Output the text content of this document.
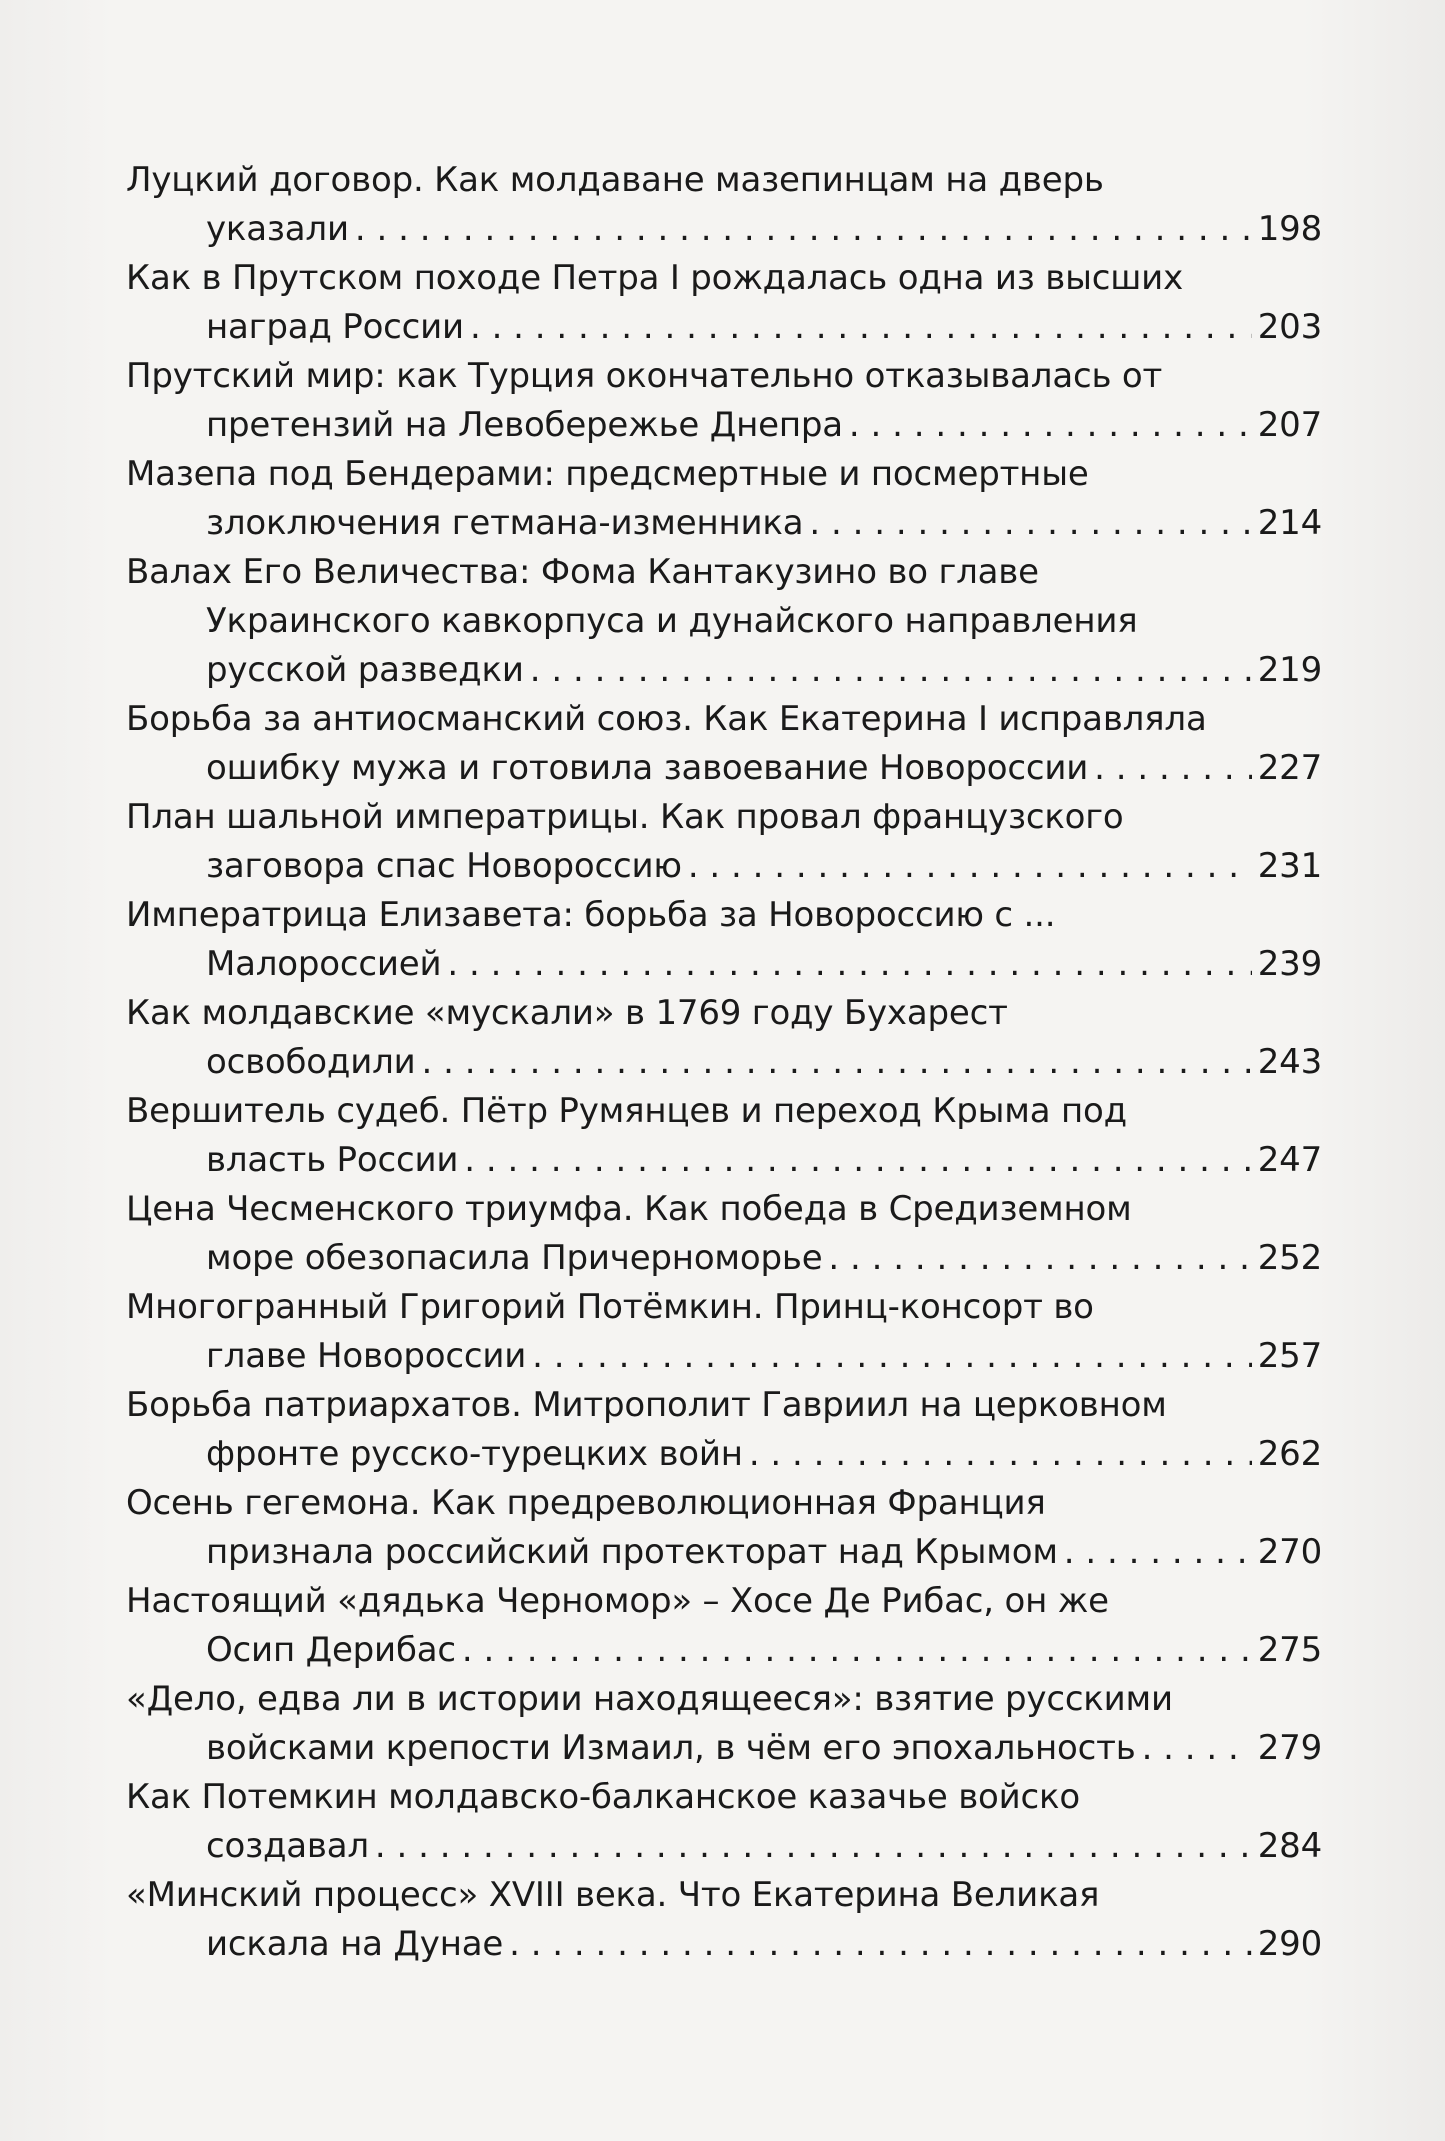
Луцкий договор. Как молдаване мазепинцам на дверь
указали . . .	198
Как в Прутском походе Петра I рождалась одна из высших
наград России . . .	203
Прутский мир: как Турция окончательно отказывалась от
претензий на Левобережье Днепра . . .	207
Мазепа под Бендерами: предсмертные и посмертные
злоключения гетмана-изменника . . .	214
Валах Его Величества: Фома Кантакузино во главе
Украинского кавкорпуса и дунайского направления
русской разведки . . .	219
Борьба за антиосманский союз. Как Екатерина I исправляла
ошибку мужа и готовила завоевание Новороссии . . .	227
План шальной императрицы. Как провал французского
заговора спас Новороссию . . .	231
Императрица Елизавета: борьба за Новороссию с ...
Малороссией . . .	239
Как молдавские «мускали» в 1769 году Бухарест
освободили . . .	243
Вершитель судеб. Пётр Румянцев и переход Крыма под
власть России . . .	247
Цена Чесменского триумфа. Как победа в Средиземном
море обезопасила Причерноморье . . .	252
Многогранный Григорий Потёмкин. Принц-консорт во
главе Новороссии . . .	257
Борьба патриархатов. Митрополит Гавриил на церковном
фронте русско-турецких войн . . .	262
Осень гегемона. Как предреволюционная Франция
признала российский протекторат над Крымом . . .	270
Настоящий «дядька Черномор» – Хосе Де Рибас, он же
Осип Дерибас . . .	275
«Дело, едва ли в истории находящееся»: взятие русскими
войсками крепости Измаил, в чём его эпохальность . . .	279
Как Потемкин молдавско-балканское казачье войско
создавал . . .	284
«Минский процесс» XVIII века. Что Екатерина Великая
искала на Дунае . . .	290
